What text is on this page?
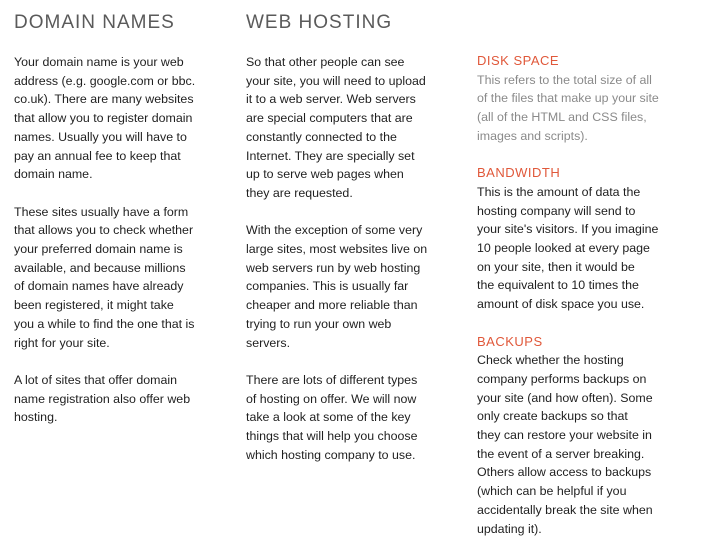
DOMAIN NAMES

Your domain name is your web
address (e.g. google.com or bbc.
co.uk). There are many websites
that allow you to register domain
names. Usually you will have to
pay an annual fee to keep that
domain name.

These sites usually have a form
that allows you to check whether
your preferred domain name is
available, and because millions
of domain names have already
been registered, it might take
you a while to find the one that is
right for your site.

A lot of sites that offer domain
name registration also offer web
hosting.

WEB HOSTING

So that other people can see
your site, you will need to upload
it to a web server. Web servers
are special computers that are
constantly connected to the
Internet. They are specially set
up to serve web pages when
they are requested.

With the exception of some very
large sites, most websites live on
web servers run by web hosting
companies. This is usually far
cheaper and more reliable than
trying to run your own web
servers.

There are lots of different types
of hosting on offer. We will now
take a look at some of the key
things that will help you choose
which hosting company to use.

DISK SPACE

This refers to the total size of all
of the files that make up your site
(all of the HTML and CSS files,
images and scripts).

BANDWIDTH

This is the amount of data the
hosting company will send to
your site's visitors. If you imagine
10 people looked at every page
on your site, then it would be
the equivalent to 10 times the
amount of disk space you use.

BACKUPS

Check whether the hosting
company performs backups on
your site (and how often). Some
only create backups so that
they can restore your website in
the event of a server breaking.
Others allow access to backups
(which can be helpful if you
accidentally break the site when
updating it).
